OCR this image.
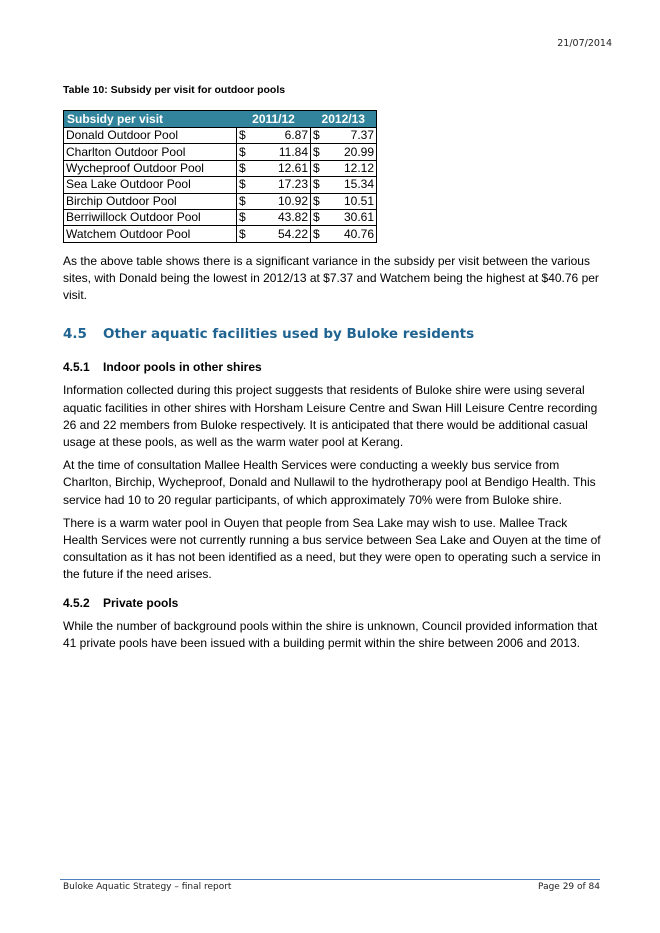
21/07/2014
Table 10: Subsidy per visit for outdoor pools
Subsidy per visit	2011/12	2012/13
Donald Outdoor Pool	$ 6.87	$ 7.37

Charlton Outdoor Pool	$ 11.84	$ 20.99

Wycheproof Outdoor Pool	$ 12.61	$ 12.12

Sea Lake Outdoor Pool	$ 17.23	$ 15.34

Birchip Outdoor Pool	$ 10.92	$ 10.51

Berriwillock Outdoor Pool	$ 43.82	$ 30.61

Watchem Outdoor Pool	$ 54.22	$ 40.76

As the above table shows there is a significant variance in the subsidy per visit between the various sites, with Donald being the lowest in 2012/13 at $7.37 and Watchem being the highest at $40.76 per visit.

4.5 Other aquatic facilities used by Buloke residents
4.5.1 Indoor pools in other shires

Information collected during this project suggests that residents of Buloke shire were using several aquatic facilities in other shires with Horsham Leisure Centre and Swan Hill Leisure Centre recording 26 and 22 members from Buloke respectively. It is anticipated that there would be additional casual usage at these pools, as well as the warm water pool at Kerang.

At the time of consultation Mallee Health Services were conducting a weekly bus service from Charlton, Birchip, Wycheproof, Donald and Nullawil to the hydrotherapy pool at Bendigo Health. This service had 10 to 20 regular participants, of which approximately 70% were from Buloke shire.

There is a warm water pool in Ouyen that people from Sea Lake may wish to use. Mallee Track Health Services were not currently running a bus service between Sea Lake and Ouyen at the time of consultation as it has not been identified as a need, but they were open to operating such a service in the future if the need arises.

4.5.2 Private pools

While the number of background pools within the shire is unknown, Council provided information that 41 private pools have been issued with a building permit within the shire between 2006 and 2013.

Buloke Aquatic Strategy – final report	Page 29 of 84
